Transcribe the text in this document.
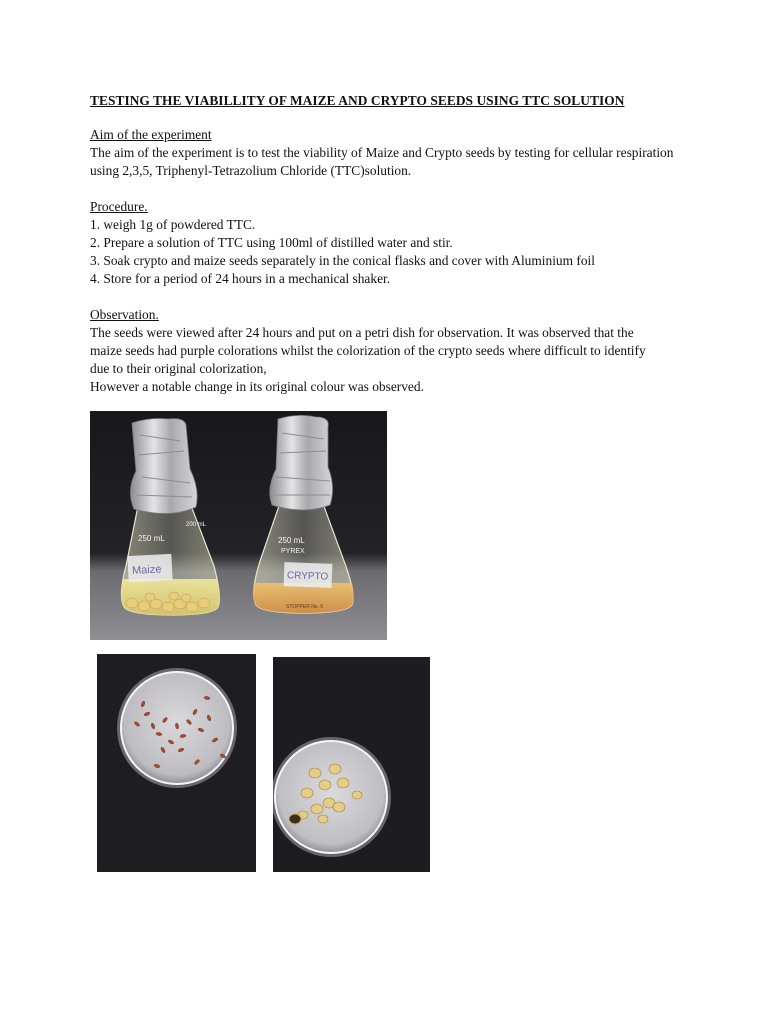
TESTING THE VIABILLITY OF MAIZE AND CRYPTO SEEDS USING TTC SOLUTION
Aim of the experiment

The aim of the experiment is to test the viability of Maize and Crypto seeds by testing for cellular respiration using 2,3,5, Triphenyl-Tetrazolium Chloride (TTC)solution.

Procedure.
1. weigh 1g of powdered TTC.
2. Prepare a solution of TTC using 100ml of distilled water and stir.
3. Soak crypto and maize seeds separately in the conical flasks and cover with Aluminium foil
4. Store for a period of 24 hours in a mechanical shaker.
Observation.

The seeds were viewed after 24 hours and put on a petri dish for observation. It was observed that the

maize seeds had purple colorations whilst the colorization of the crypto seeds where difficult to identify

due to their original colorization,

However a notable change in its original colour was observed.

Maize
250 mL
200 mL
250 mL
PYREX
CRYPTO
STOPPER No. 6
